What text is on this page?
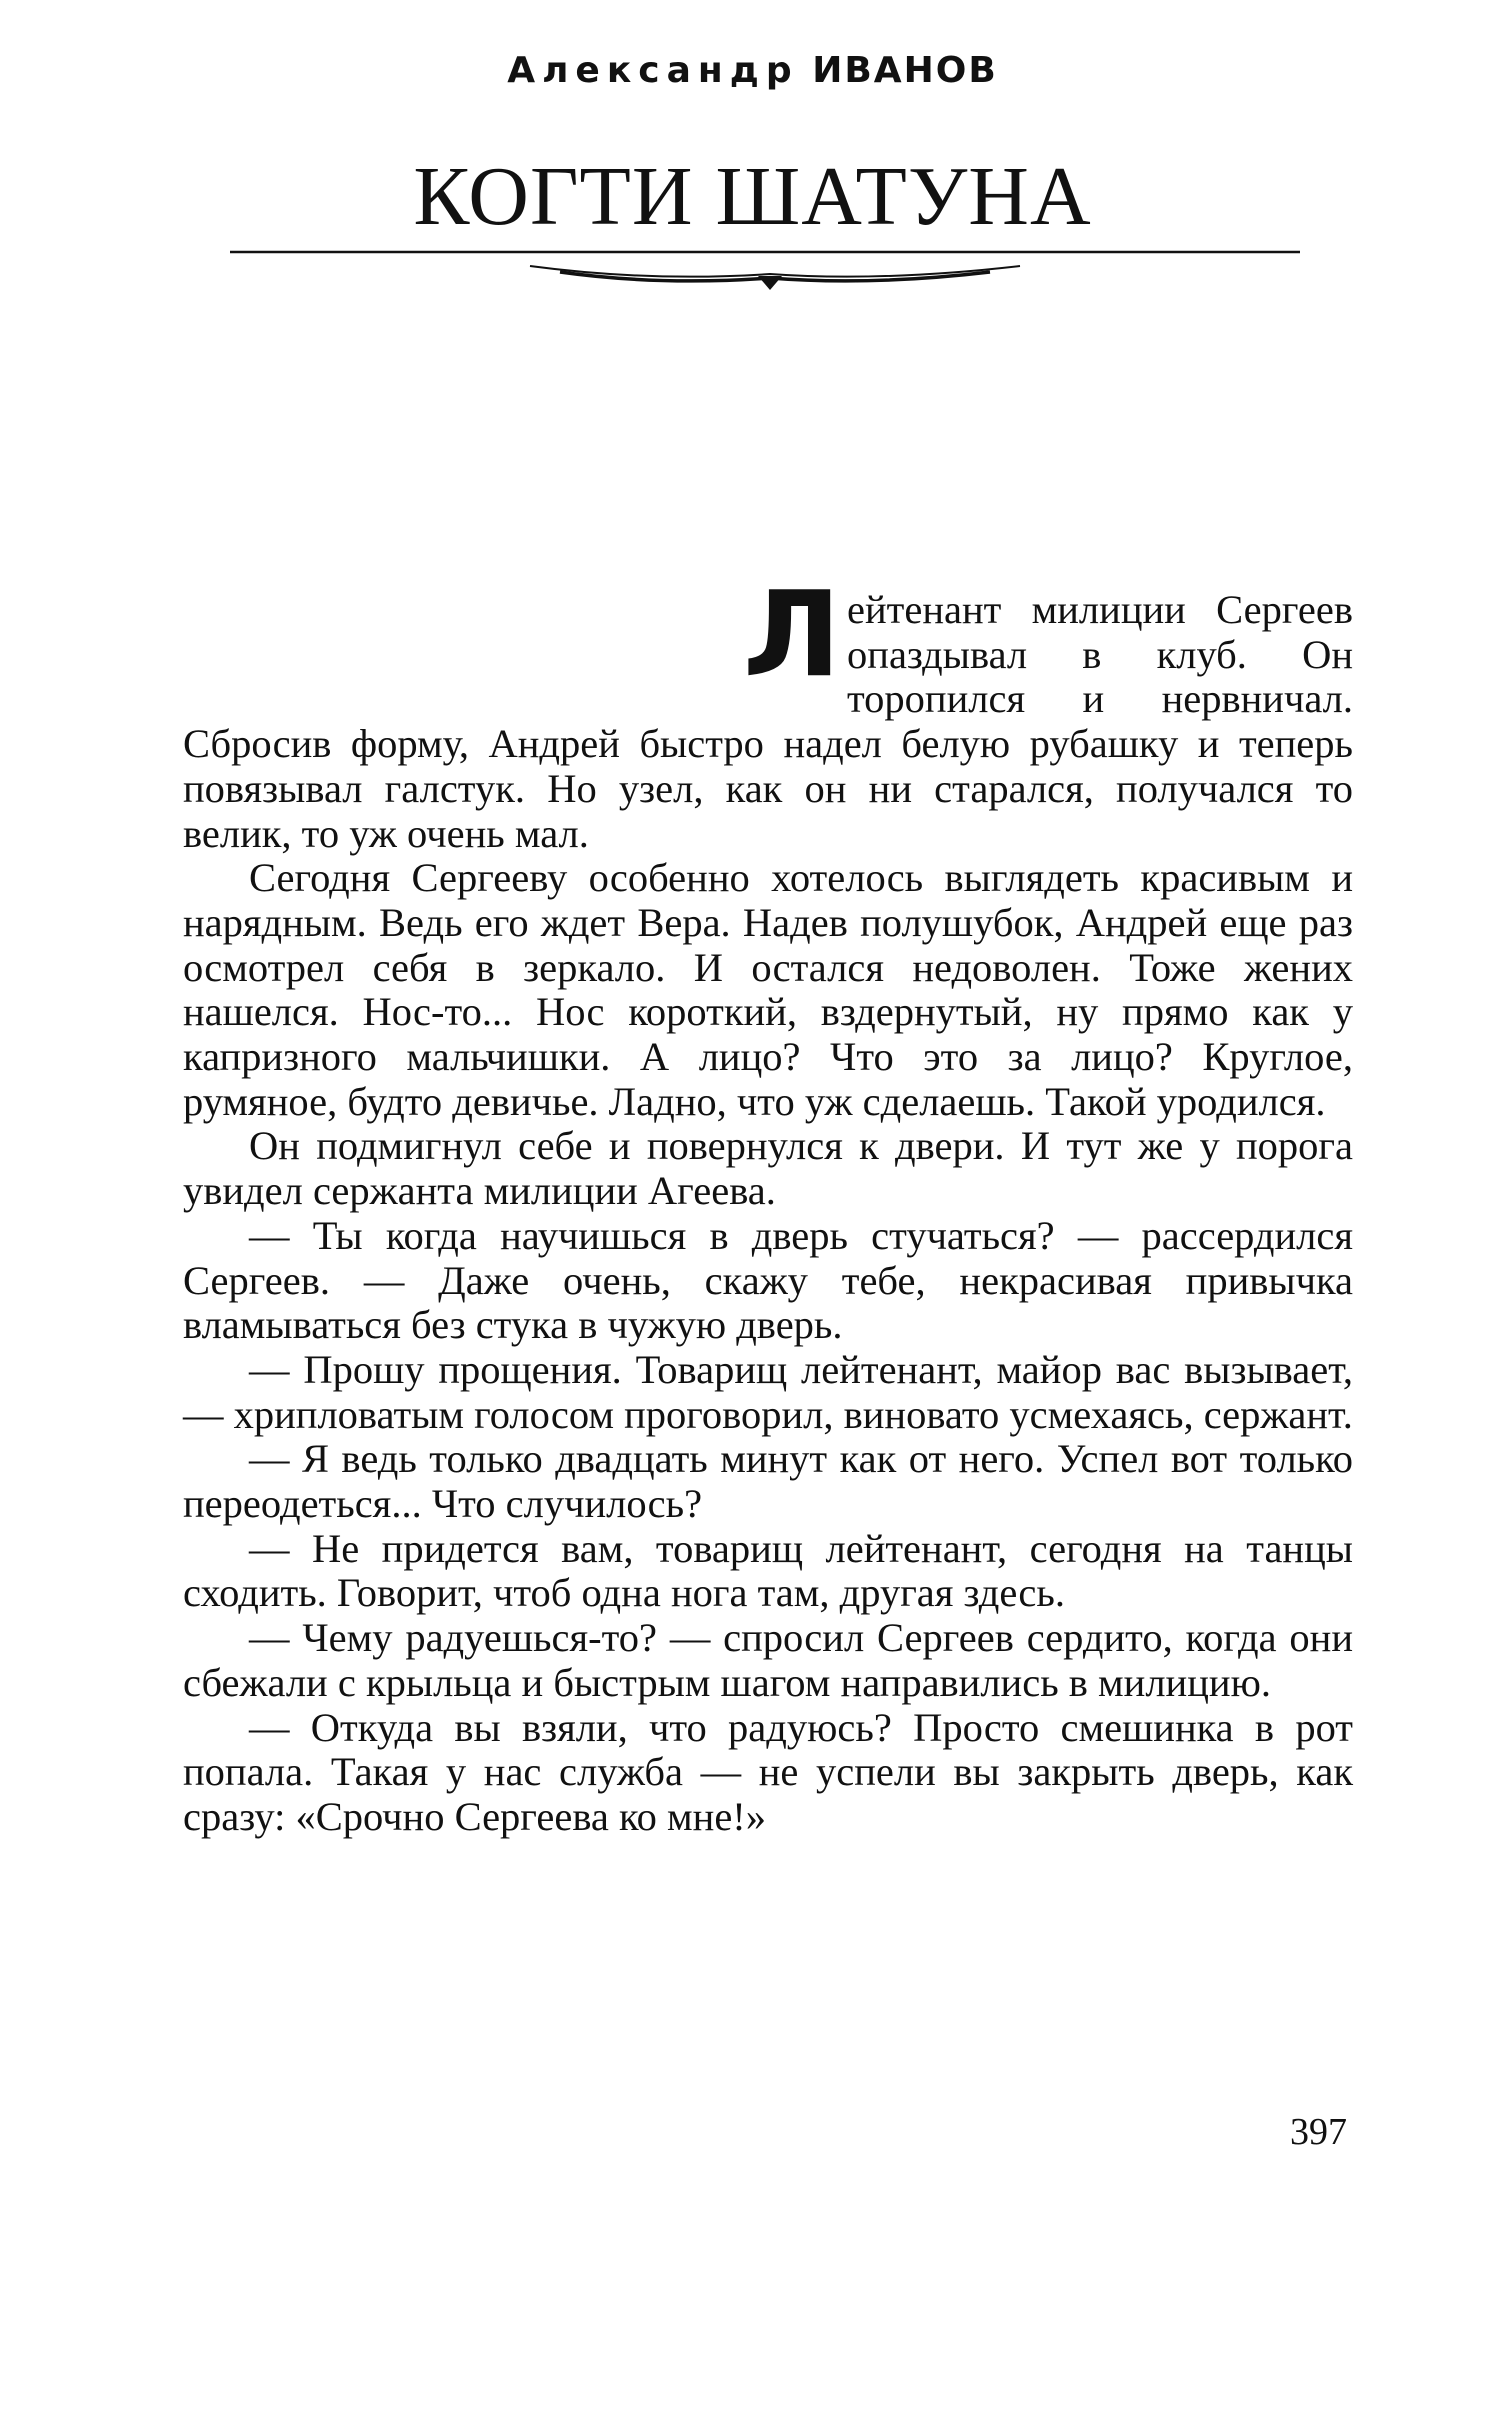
Александр ИВАНОВ
КОГТИ ШАТУНА

Лейтенант милиции Сергеев опаздывал в клуб. Он торопился и нервничал. Сбросив форму, Андрей быстро надел белую рубашку и теперь повязывал галстук. Но узел, как он ни старался, получался то велик, то уж очень мал.

Сегодня Сергееву особенно хотелось выглядеть красивым и нарядным. Ведь его ждет Вера. Надев полушубок, Андрей еще раз осмотрел себя в зеркало. И остался недоволен. Тоже жених нашелся. Нос-то... Нос короткий, вздернутый, ну прямо как у капризного мальчишки. А лицо? Что это за лицо? Круглое, румяное, будто девичье. Ладно, что уж сделаешь. Такой уродился.

Он подмигнул себе и повернулся к двери. И тут же у порога увидел сержанта милиции Агеева.

— Ты когда научишься в дверь стучаться? — рассердился Сергеев. — Даже очень, скажу тебе, некрасивая привычка вламываться без стука в чужую дверь.

— Прошу прощения. Товарищ лейтенант, майор вас вызывает, — хрипловатым голосом проговорил, виновато усмехаясь, сержант.

— Я ведь только двадцать минут как от него. Успел вот только переодеться... Что случилось?

— Не придется вам, товарищ лейтенант, сегодня на танцы сходить. Говорит, чтоб одна нога там, другая здесь.

— Чему радуешься-то? — спросил Сергеев сердито, когда они сбежали с крыльца и быстрым шагом направились в милицию.

— Откуда вы взяли, что радуюсь? Просто смешинка в рот попала. Такая у нас служба — не успели вы закрыть дверь, как сразу: «Срочно Сергеева ко мне!»

397
